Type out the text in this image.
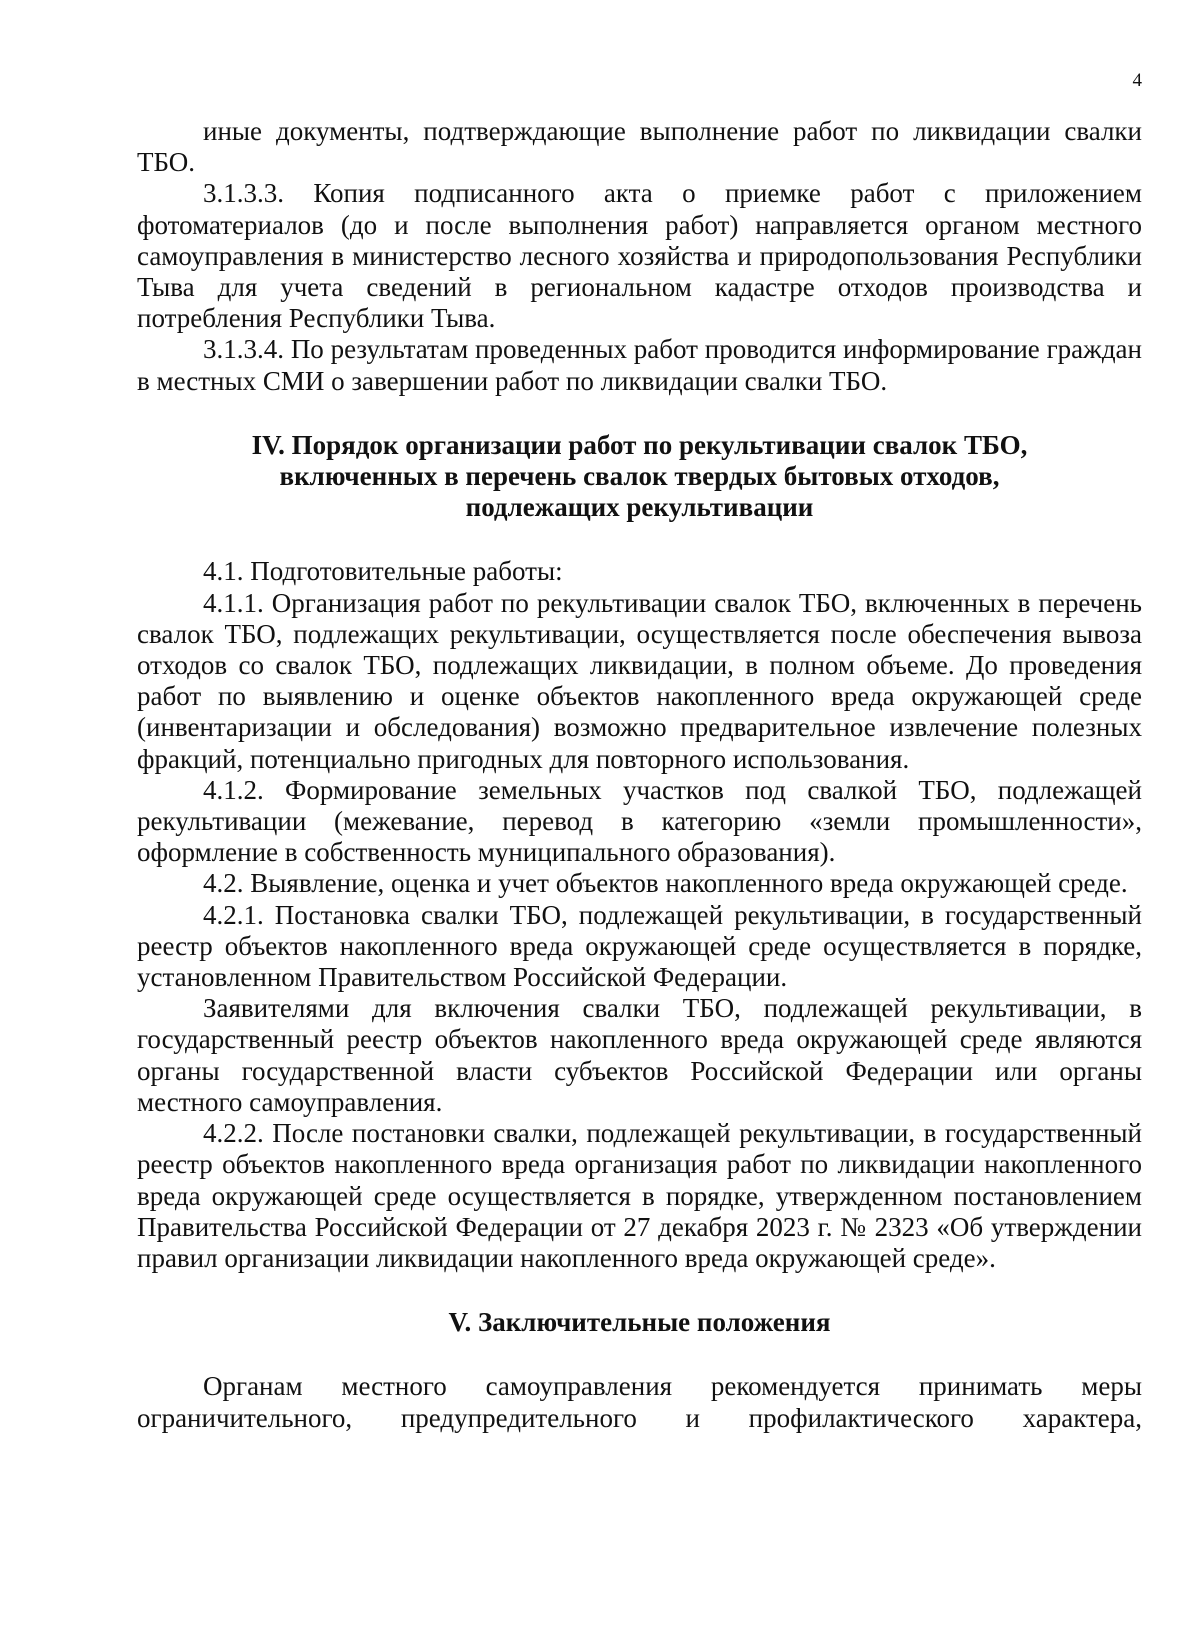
4

иные документы, подтверждающие выполнение работ по ликвидации свалки ТБО.

3.1.3.3. Копия подписанного акта о приемке работ с приложением фотоматериалов (до и после выполнения работ) направляется органом местного самоуправления в министерство лесного хозяйства и природопользования Республики Тыва для учета сведений в региональном кадастре отходов производства и потребления Республики Тыва.

3.1.3.4. По результатам проведенных работ проводится информирование граждан в местных СМИ о завершении работ по ликвидации свалки ТБО.

IV. Порядок организации работ по рекультивации свалок ТБО,
включенных в перечень свалок твердых бытовых отходов,
подлежащих рекультивации

4.1. Подготовительные работы:

4.1.1. Организация работ по рекультивации свалок ТБО, включенных в перечень свалок ТБО, подлежащих рекультивации, осуществляется после обеспечения вывоза отходов со свалок ТБО, подлежащих ликвидации, в полном объеме. До проведения работ по выявлению и оценке объектов накопленного вреда окружающей среде (инвентаризации и обследования) возможно предварительное извлечение полезных фракций, потенциально пригодных для повторного использования.

4.1.2. Формирование земельных участков под свалкой ТБО, подлежащей рекультивации (межевание, перевод в категорию «земли промышленности», оформление в собственность муниципального образования).

4.2. Выявление, оценка и учет объектов накопленного вреда окружающей среде.

4.2.1. Постановка свалки ТБО, подлежащей рекультивации, в государственный реестр объектов накопленного вреда окружающей среде осуществляется в порядке, установленном Правительством Российской Федерации.

Заявителями для включения свалки ТБО, подлежащей рекультивации, в государственный реестр объектов накопленного вреда окружающей среде являются органы государственной власти субъектов Российской Федерации или органы местного самоуправления.

4.2.2. После постановки свалки, подлежащей рекультивации, в государственный реестр объектов накопленного вреда организация работ по ликвидации накопленного вреда окружающей среде осуществляется в порядке, утвержденном постановлением Правительства Российской Федерации от 27 декабря 2023 г. № 2323 «Об утверждении правил организации ликвидации накопленного вреда окружающей среде».

V. Заключительные положения

Органам местного самоуправления рекомендуется принимать меры ограничительного, предупредительного и профилактического характера,
